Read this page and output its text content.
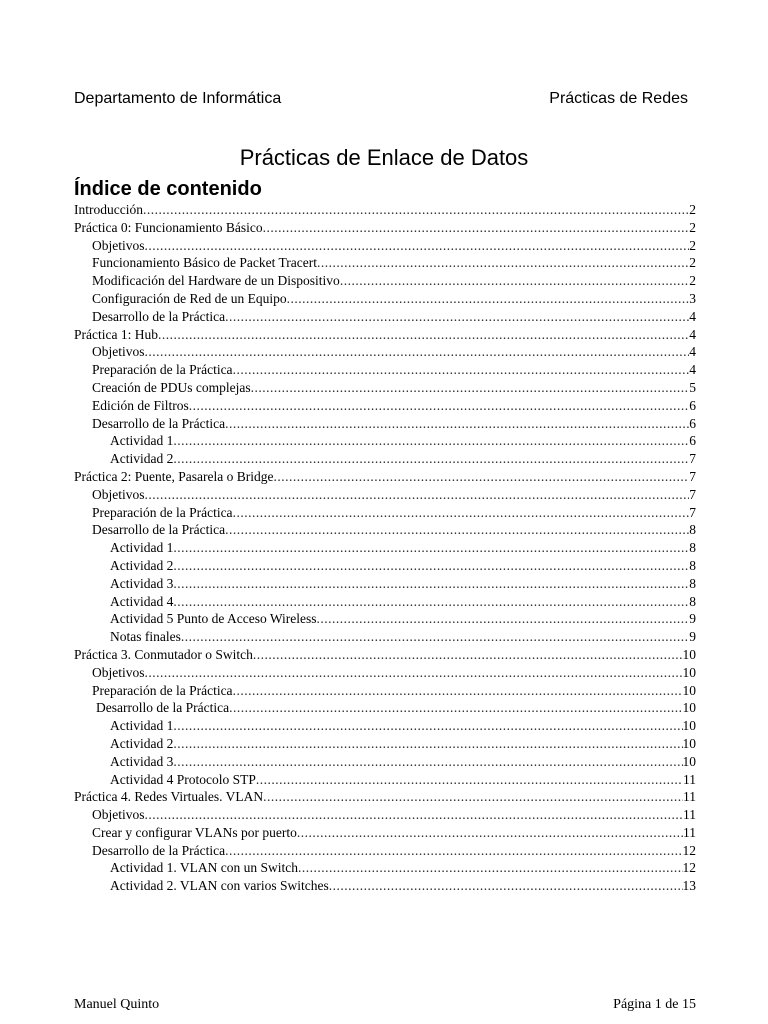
Departamento de Informática	Prácticas de Redes
Prácticas de Enlace de Datos
Índice de contenido
Introducción .....	2
Práctica 0: Funcionamiento Básico .....	2
Objetivos .....	2
Funcionamiento Básico de Packet Tracert .....	2
Modificación del Hardware de un Dispositivo .....	2
Configuración de Red de un Equipo .....	3
Desarrollo de la Práctica .....	4
Práctica 1: Hub .....	4
Objetivos .....	4
Preparación de la Práctica .....	4
Creación de PDUs complejas .....	5
Edición de Filtros .....	6
Desarrollo de la Práctica .....	6
Actividad 1 .....	6
Actividad 2 .....	7
Práctica 2: Puente, Pasarela o Bridge .....	7
Objetivos .....	7
Preparación de la Práctica .....	7
Desarrollo de la Práctica .....	8
Actividad 1 .....	8
Actividad 2 .....	8
Actividad 3 .....	8
Actividad 4 .....	8
Actividad 5 Punto de Acceso Wireless .....	9
Notas finales .....	9
Práctica 3. Conmutador o Switch .....	10
Objetivos .....	10
Preparación de la Práctica .....	10
Desarrollo de la Práctica .....	10
Actividad 1 .....	10
Actividad 2 .....	10
Actividad 3 .....	10
Actividad 4 Protocolo STP .....	11
Práctica 4. Redes Virtuales. VLAN .....	11
Objetivos .....	11
Crear y configurar VLANs por puerto .....	11
Desarrollo de la Práctica .....	12
Actividad 1. VLAN con un Switch .....	12
Actividad 2. VLAN con varios Switches .....	13
Manuel Quinto	Página 1 de 15
